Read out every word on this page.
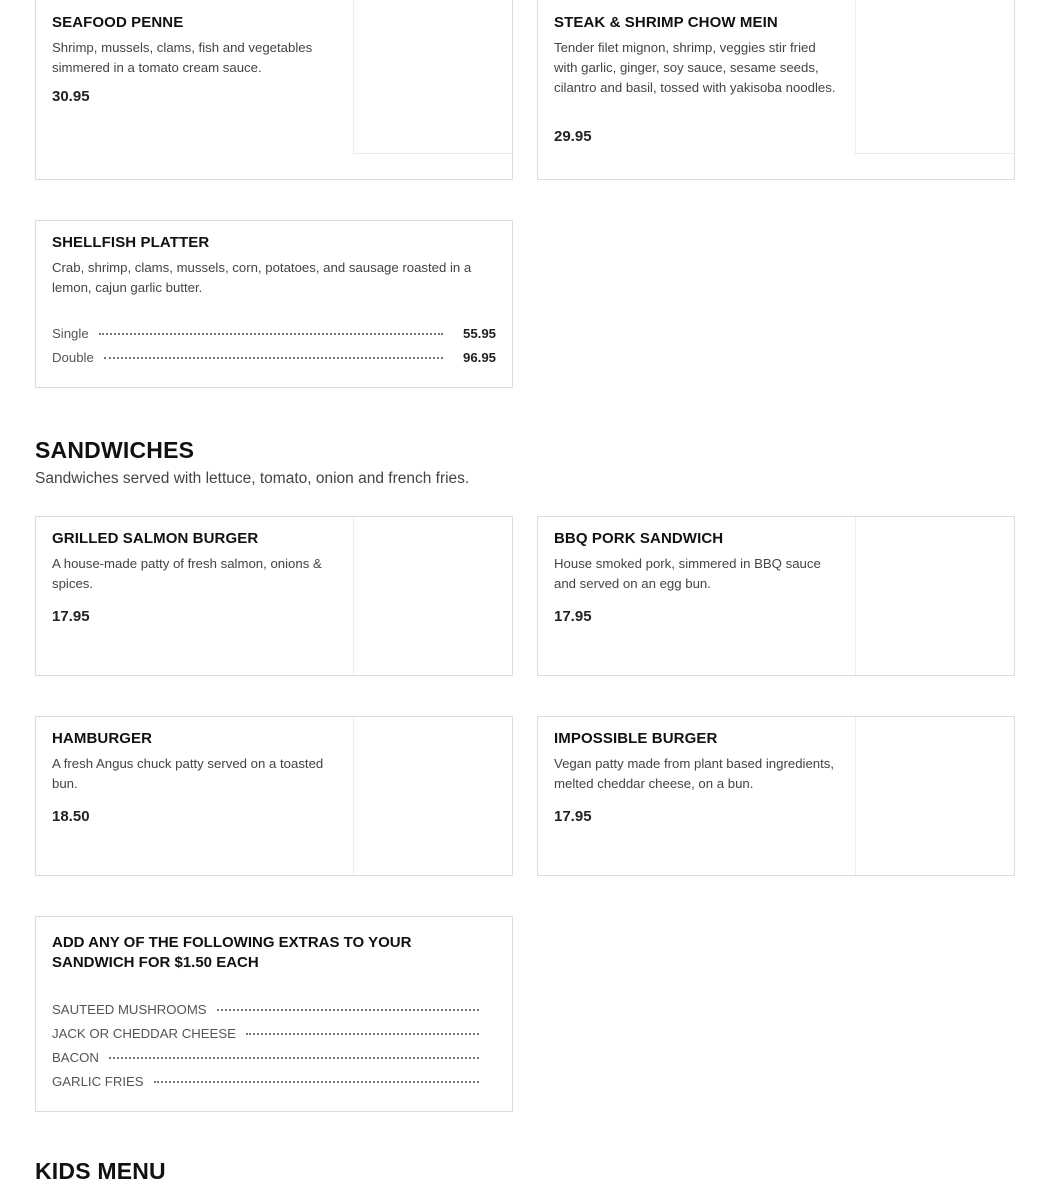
SEAFOOD PENNE
Shrimp, mussels, clams, fish and vegetables simmered in a tomato cream sauce.
30.95
STEAK & SHRIMP CHOW MEIN
Tender filet mignon, shrimp, veggies stir fried with garlic, ginger, soy sauce, sesame seeds, cilantro and basil, tossed with yakisoba noodles.
29.95
SHELLFISH PLATTER
Crab, shrimp, clams, mussels, corn, potatoes, and sausage roasted in a lemon, cajun garlic butter.
Single	55.95
Double	96.95
SANDWICHES
Sandwiches served with lettuce, tomato, onion and french fries.
GRILLED SALMON BURGER
A house-made patty of fresh salmon, onions & spices.
17.95
BBQ PORK SANDWICH
House smoked pork, simmered in BBQ sauce and served on an egg bun.
17.95
HAMBURGER
A fresh Angus chuck patty served on a toasted bun.
18.50
IMPOSSIBLE BURGER
Vegan patty made from plant based ingredients, melted cheddar cheese, on a bun.
17.95
ADD ANY OF THE FOLLOWING EXTRAS TO YOUR SANDWICH FOR $1.50 EACH
SAUTEED MUSHROOMS
JACK OR CHEDDAR CHEESE
BACON
GARLIC FRIES
KIDS MENU
